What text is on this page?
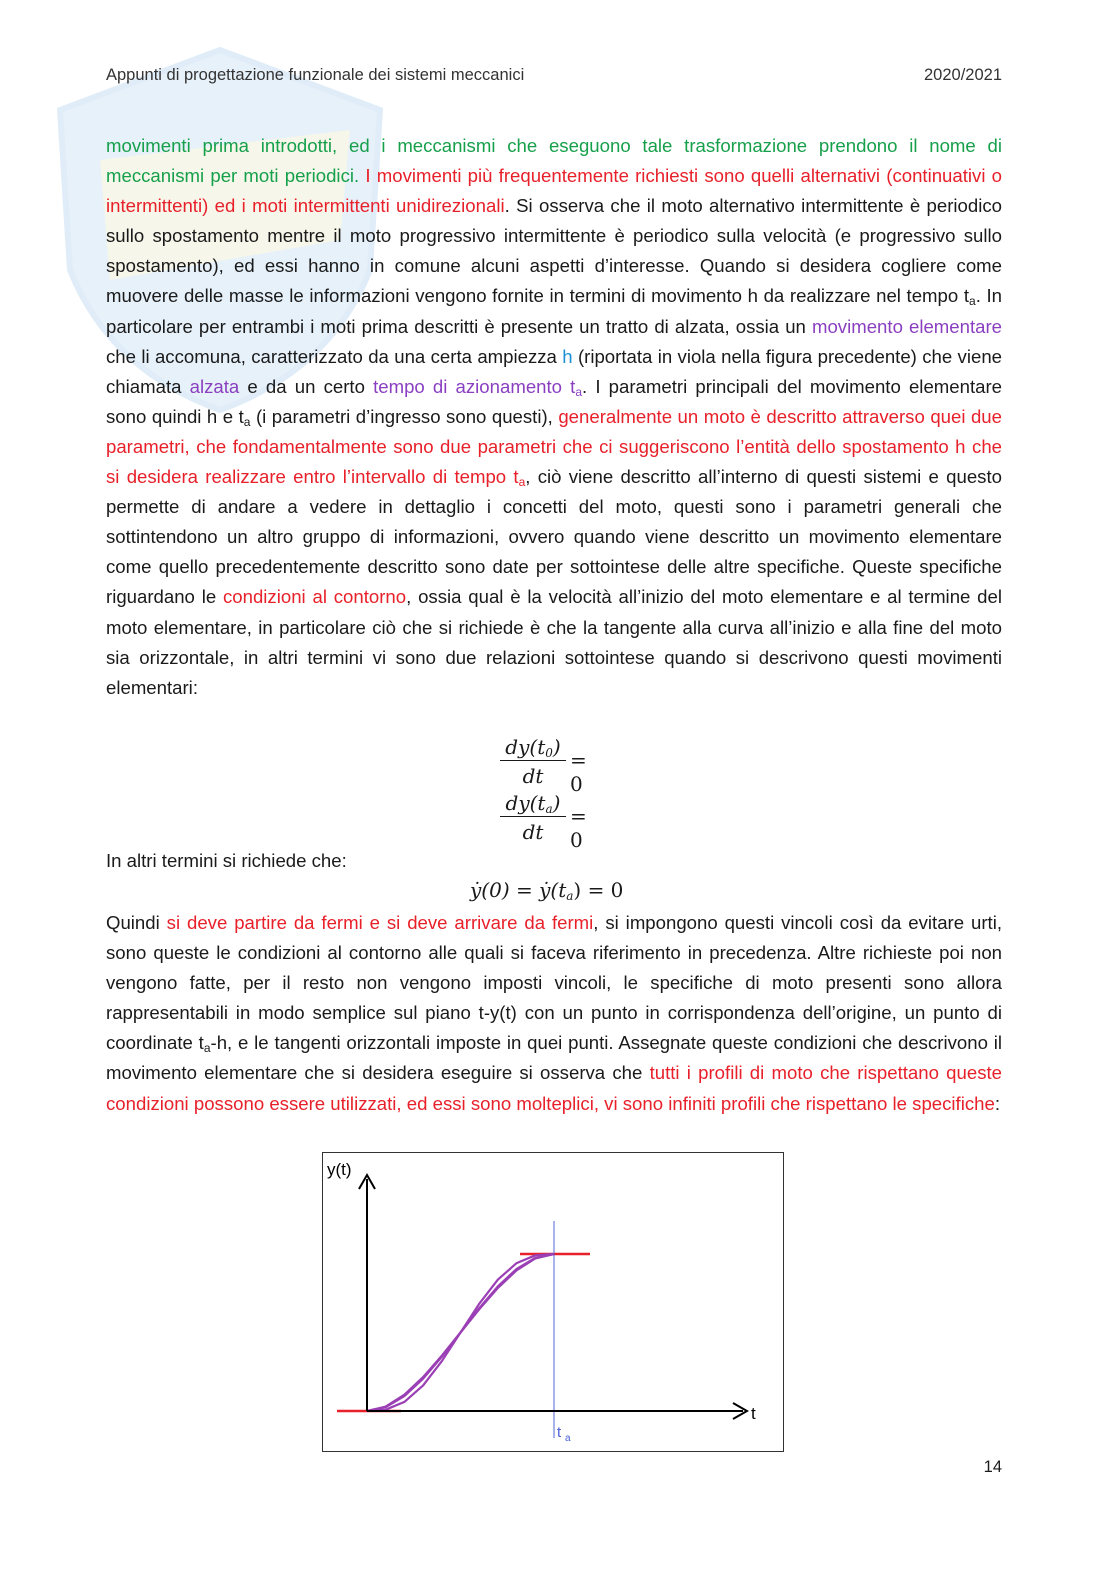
Appunti di progettazione funzionale dei sistemi meccanici	2020/2021
movimenti prima introdotti, ed i meccanismi che eseguono tale trasformazione prendono il nome di meccanismi per moti periodici. I movimenti più frequentemente richiesti sono quelli alternativi (continuativi o intermittenti) ed i moti intermittenti unidirezionali. Si osserva che il moto alternativo intermittente è periodico sullo spostamento mentre il moto progressivo intermittente è periodico sulla velocità (e progressivo sullo spostamento), ed essi hanno in comune alcuni aspetti d’interesse. Quando si desidera cogliere come muovere delle masse le informazioni vengono fornite in termini di movimento h da realizzare nel tempo $t_a$. In particolare per entrambi i moti prima descritti è presente un tratto di alzata, ossia un movimento elementare che li accomuna, caratterizzato da una certa ampiezza h (riportata in viola nella figura precedente) che viene chiamata alzata e da un certo tempo di azionamento $t_a$. I parametri principali del movimento elementare sono quindi h e $t_a$ (i parametri d’ingresso sono questi), generalmente un moto è descritto attraverso quei due parametri, che fondamentalmente sono due parametri che ci suggeriscono l’entità dello spostamento h che si desidera realizzare entro l’intervallo di tempo $t_a$, ciò viene descritto all’interno di questi sistemi e questo permette di andare a vedere in dettaglio i concetti del moto, questi sono i parametri generali che sottintendono un altro gruppo di informazioni, ovvero quando viene descritto un movimento elementare come quello precedentemente descritto sono date per sottointese delle altre specifiche. Queste specifiche riguardano le condizioni al contorno, ossia qual è la velocità all’inizio del moto elementare e al termine del moto elementare, in particolare ciò che si richiede è che la tangente alla curva all’inizio e alla fine del moto sia orizzontale, in altri termini vi sono due relazioni sottointese quando si descrivono questi movimenti elementari:
$\frac{dy(t_0)}{dt} = 0$
$\frac{dy(t_a)}{dt} = 0$
In altri termini si richiede che:
ẏ(0) = $ẏ(t_a) = 0$
Quindi si deve partire da fermi e si deve arrivare da fermi, si impongono questi vincoli così da evitare urti, sono queste le condizioni al contorno alle quali si faceva riferimento in precedenza. Altre richieste poi non vengono fatte, per il resto non vengono imposti vincoli, le specifiche di moto presenti sono allora rappresentabili in modo semplice sul piano t-y(t) con un punto in corrispondenza dell’origine, un punto di coordinate $t_a-h$, e le tangenti orizzontali imposte in quei punti. Assegnate queste condizioni che descrivono il movimento elementare che si desidera eseguire si osserva che tutti i profili di moto che rispettano queste condizioni possono essere utilizzati, ed essi sono molteplici, vi sono infiniti profili che rispettano le specifiche:
y(t)
t
t a
14
